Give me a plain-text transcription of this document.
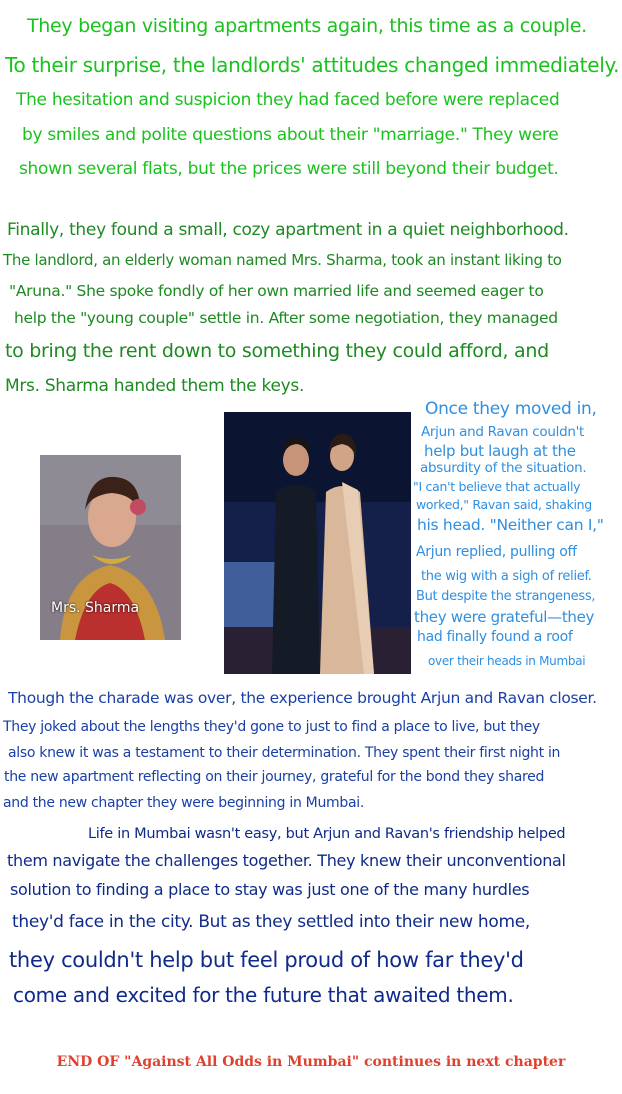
They began visiting apartments again, this time as a couple.
To their surprise, the landlords' attitudes changed immediately.
The hesitation and suspicion they had faced before were replaced
by smiles and polite questions about their "marriage." They were
shown several flats, but the prices were still beyond their budget.
Finally, they found a small, cozy apartment in a quiet neighborhood.
The landlord, an elderly woman named Mrs. Sharma, took an instant liking to
"Aruna." She spoke fondly of her own married life and seemed eager to
help the "young couple" settle in. After some negotiation, they managed
to bring the rent down to something they could afford, and
Mrs. Sharma handed them the keys.
Mrs. Sharma
Once they moved in,
Arjun and Ravan couldn't
help but laugh at the
absurdity of the situation.
"I can't believe that actually
worked," Ravan said, shaking
his head. "Neither can I,"
Arjun replied, pulling off
the wig with a sigh of relief.
But despite the strangeness,
they were grateful—they
had finally found a roof
over their heads in Mumbai
Though the charade was over, the experience brought Arjun and Ravan closer.
They joked about the lengths they'd gone to just to find a place to live, but they
also knew it was a testament to their determination. They spent their first night in
the new apartment reflecting on their journey, grateful for the bond they shared
and the new chapter they were beginning in Mumbai.
Life in Mumbai wasn't easy, but Arjun and Ravan's friendship helped
them navigate the challenges together. They knew their unconventional
solution to finding a place to stay was just one of the many hurdles
they'd face in the city. But as they settled into their new home,
they couldn't help but feel proud of how far they'd
come and excited for the future that awaited them.
END OF "Against All Odds in Mumbai" continues in next chapter
